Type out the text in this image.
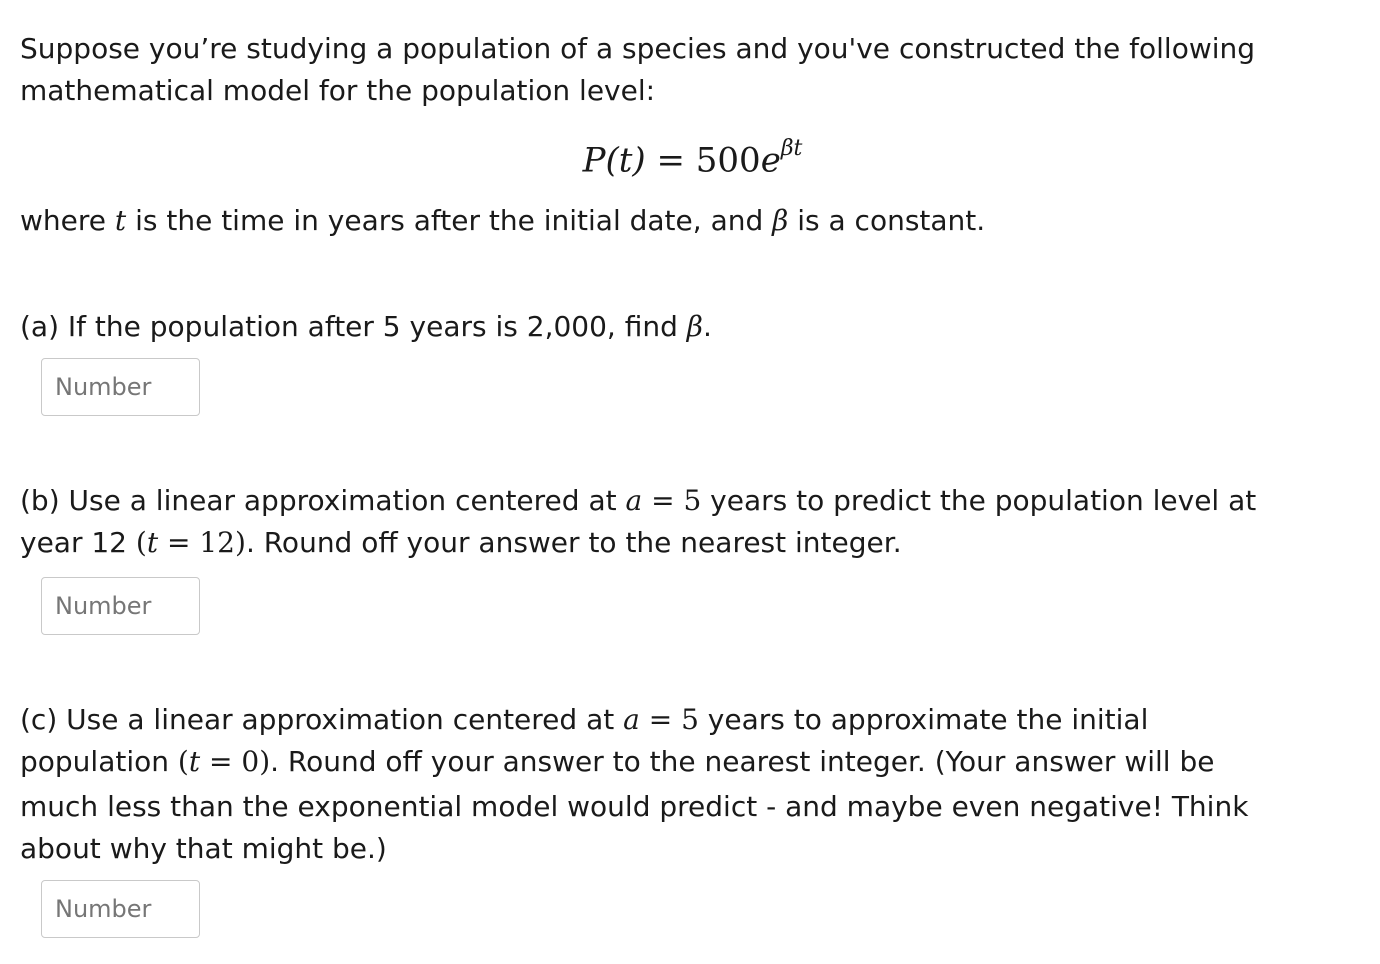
Suppose you’re studying a population of a species and you've constructed the following
mathematical model for the population level:
$P(t) = 500e^{\beta t}$
where t is the time in years after the initial date, and β is a constant.
(a) If the population after 5 years is 2,000, find β.
(b) Use a linear approximation centered at a = 5 years to predict the population level at
year 12 (t = 12). Round off your answer to the nearest integer.
(c) Use a linear approximation centered at a = 5 years to approximate the initial
population (t = 0). Round off your answer to the nearest integer. (Your answer will be
much less than the exponential model would predict - and maybe even negative! Think
about why that might be.)
Number
Number
Number
